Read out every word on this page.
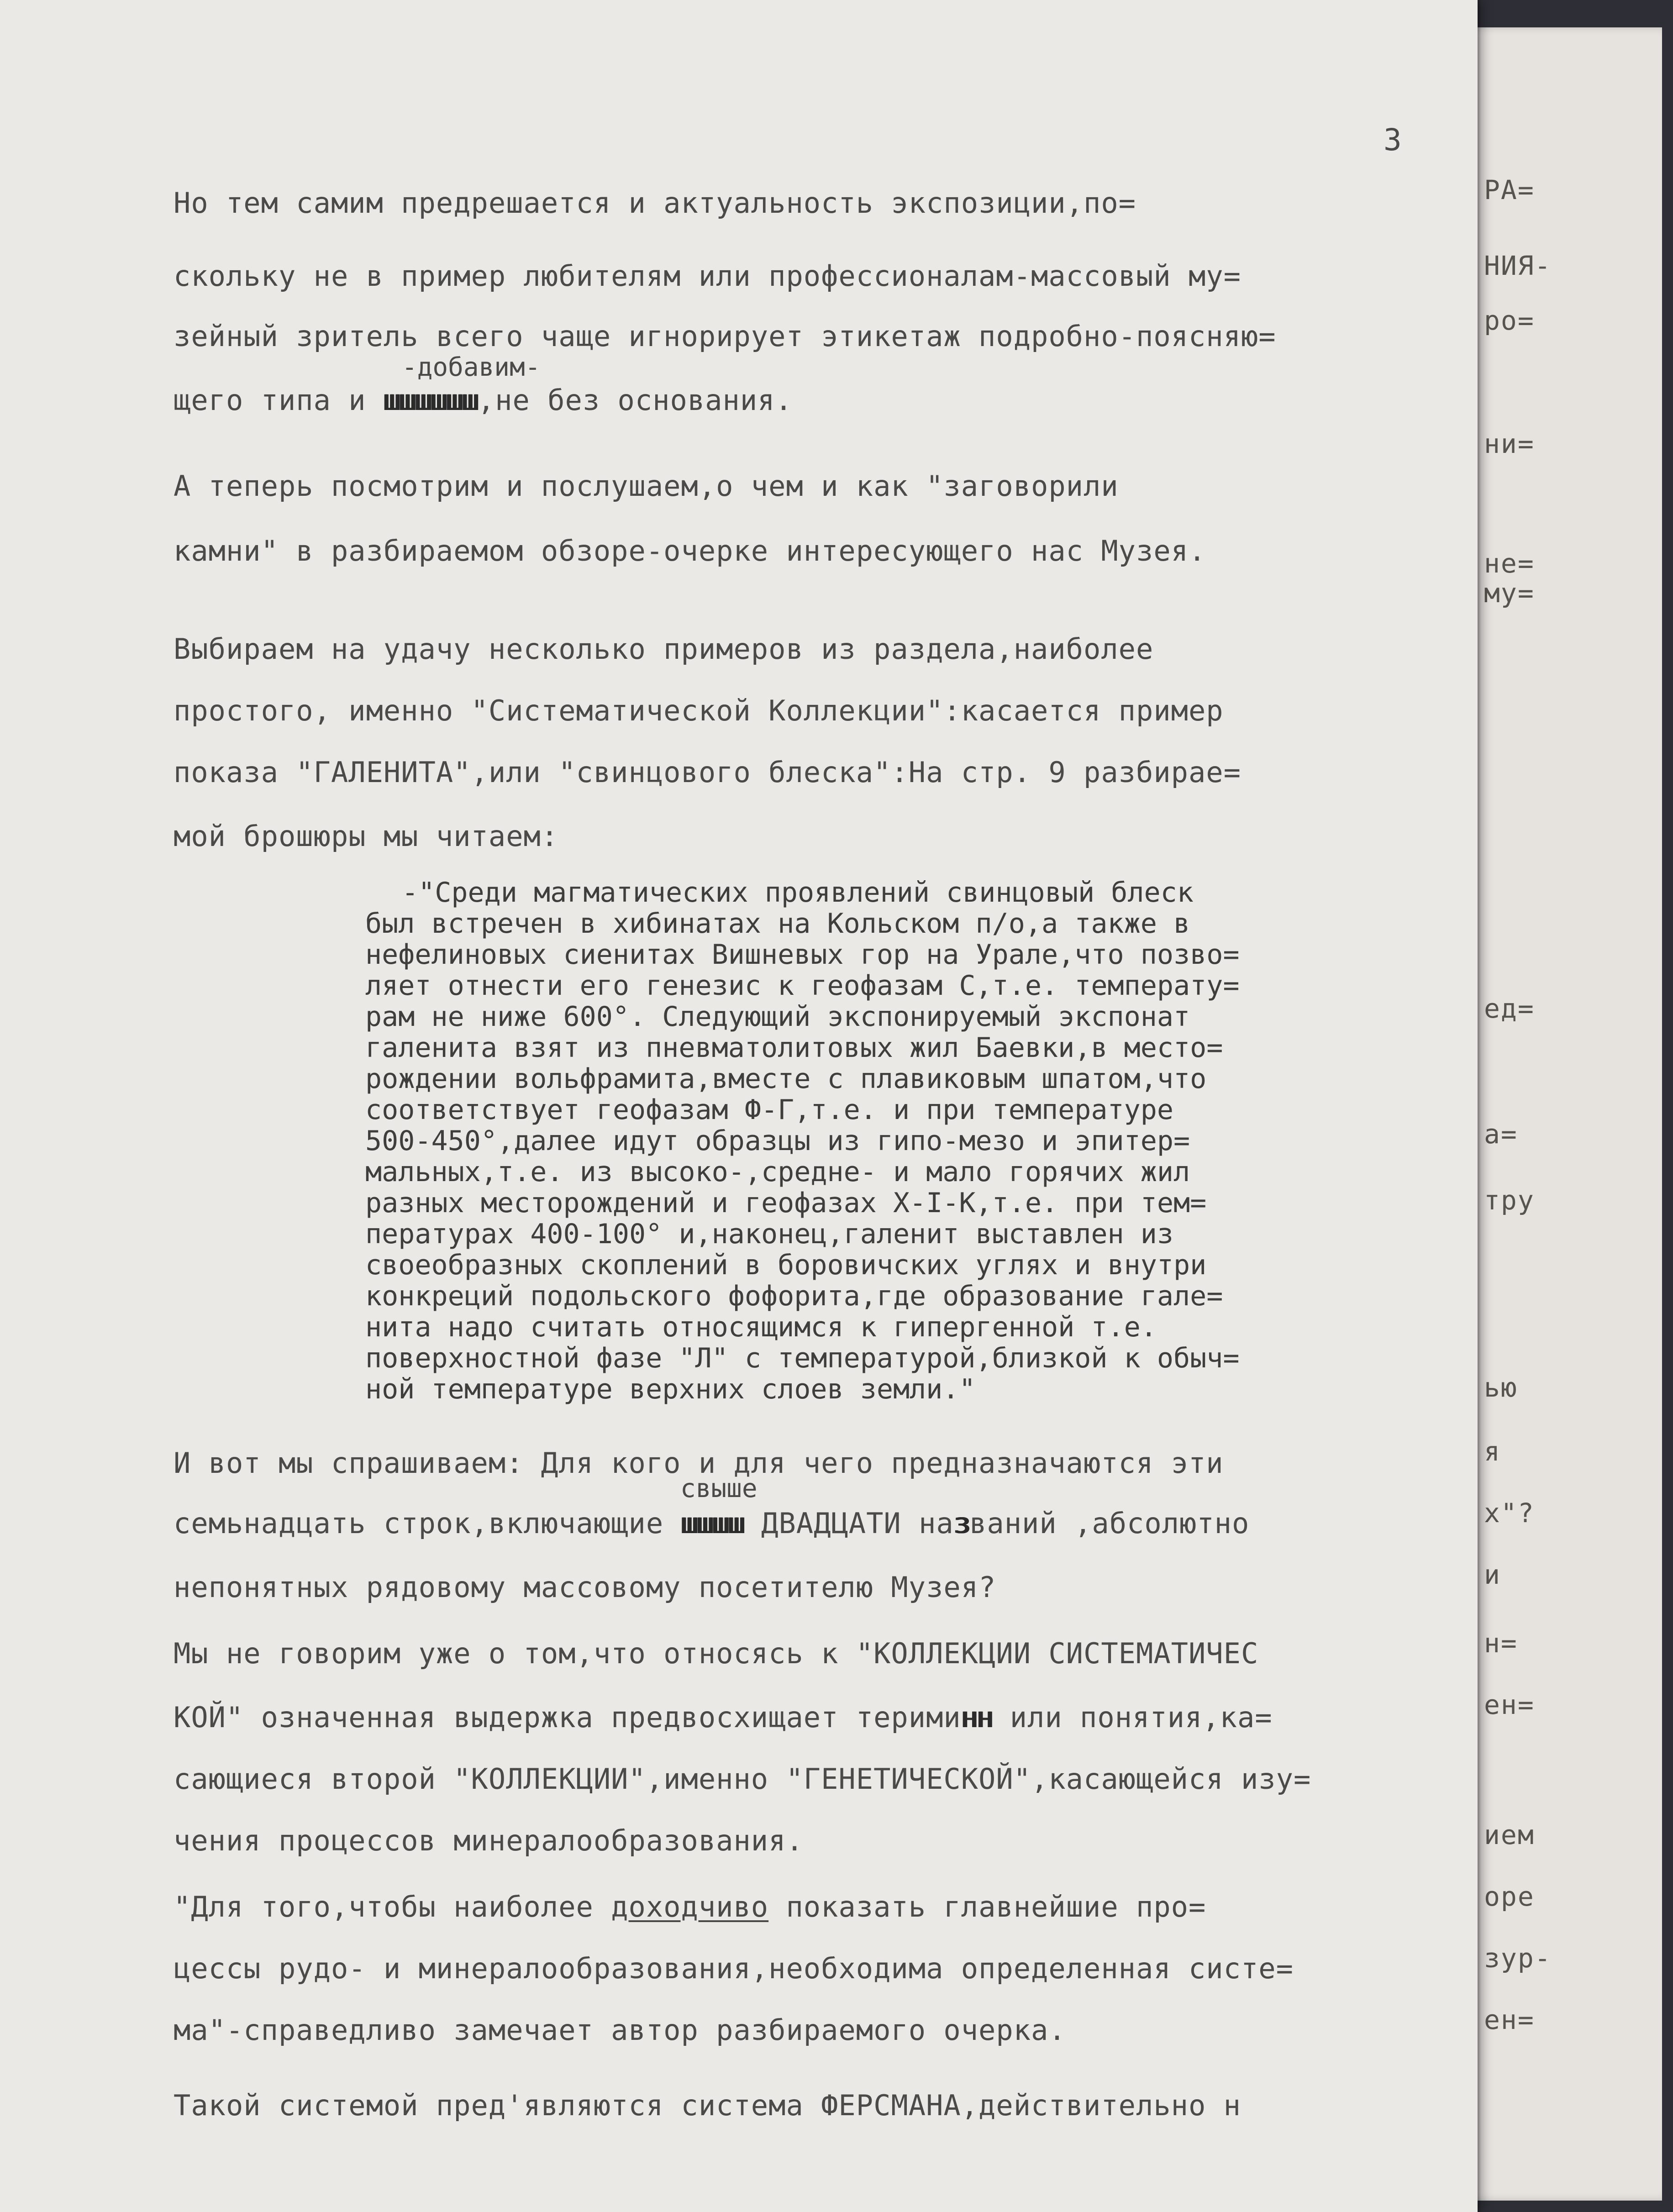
РА=
НИЯ-
ро=
ни=
не=
му=
ед=
а=
тру
ью
я
х"?
и
н=
ен=
ием
оре
зур-
ен=
3
Но тем самим предрешается и актуальность экспозиции,по=
скольку не в пример любителям или профессионалам-массовый му=
зейный зритель всего чаще игнорирует этикетаж подробно-поясняю=
-добавим-
щего типа и шшшшшш,не без основания.
А теперь посмотрим и послушаем,о чем и как "заговорили
камни" в разбираемом обзоре-очерке интересующего нас Музея.
Выбираем на удачу несколько примеров из раздела,наиболее
простого, именно "Систематической Коллекции":касается пример
показа "ГАЛЕНИТА",или "свинцового блеска":На стр. 9 разбирае=
мой брошюры мы читаем:
-"Среди магматических проявлений свинцовый блеск
был встречен в хибинатах на Кольском п/о,а также в
нефелиновых сиенитах Вишневых гор на Урале,что позво=
ляет отнести его генезис к геофазам С,т.е. температу=
рам не ниже 600°. Следующий экспонируемый экспонат
галенита взят из пневматолитовых жил Баевки,в место=
рождении вольфрамита,вместе с плавиковым шпатом,что
соответствует геофазам Ф-Г,т.е. и при температуре
500-450°,далее идут образцы из гипо-мезо и эпитер=
мальных,т.е. из высоко-,средне- и мало горячих жил
разных месторождений и геофазах Х-I-К,т.е. при тем=
пературах 400-100° и,наконец,галенит выставлен из
своеобразных скоплений в боровичских углях и внутри
конкреций подольского фофорита,где образование гале=
нита надо считать относящимся к гипергенной т.е.
поверхностной фазе "Л" с температурой,близкой к обыч=
ной температуре верхних слоев земли."
И вот мы спрашиваем: Для кого и для чего предназначаются эти
свыше
семьнадцать строк,включающие шшшш ДВАДЦАТИ названий ,абсолютно
непонятных рядовому массовому посетителю Музея?
Мы не говорим уже о том,что относясь к "КОЛЛЕКЦИИ СИСТЕМАТИЧЕС
КОЙ" означенная выдержка предвосхищает териминн или понятия,ка=
сающиеся второй "КОЛЛЕКЦИИ",именно "ГЕНЕТИЧЕСКОЙ",касающейся изу=
чения процессов минералообразования.
"Для того,чтобы наиболее доходчиво показать главнейшие про=
цессы рудо- и минералообразования,необходима определенная систе=
ма"-справедливо замечает автор разбираемого очерка.
Такой системой пред'являются система ФЕРСМАНА,действительно н
